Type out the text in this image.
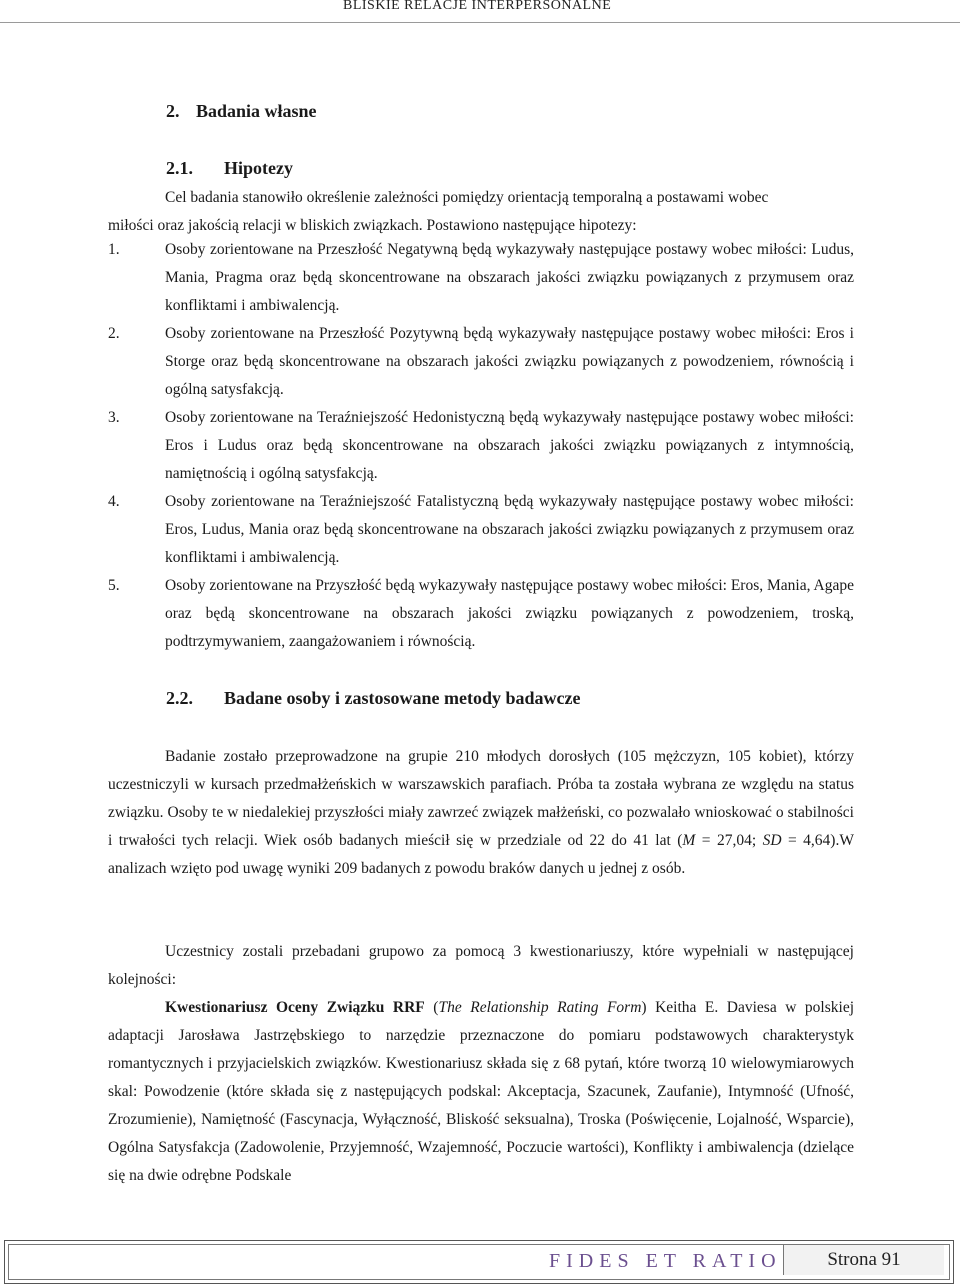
BLISKIE RELACJE INTERPERSONALNE
2. Badania własne
2.1. Hipotezy
Cel badania stanowiło określenie zależności pomiędzy orientacją temporalną a postawami wobec
miłości oraz jakością relacji w bliskich związkach. Postawiono następujące hipotezy:
1.	Osoby zorientowane na Przeszłość Negatywną będą wykazywały następujące postawy wobec miłości: Ludus, Mania, Pragma oraz będą skoncentrowane na obszarach jakości związku powiązanych z przymusem oraz konfliktami i ambiwalencją.
2.	Osoby zorientowane na Przeszłość Pozytywną będą wykazywały następujące postawy wobec miłości: Eros i Storge oraz będą skoncentrowane na obszarach jakości związku powiązanych z powodzeniem, równością i ogólną satysfakcją.
3.	Osoby zorientowane na Teraźniejszość Hedonistyczną będą wykazywały następujące postawy wobec miłości: Eros i Ludus oraz będą skoncentrowane na obszarach jakości związku powiązanych z intymnością, namiętnością i ogólną satysfakcją.
4.	Osoby zorientowane na Teraźniejszość Fatalistyczną będą wykazywały następujące postawy wobec miłości: Eros, Ludus, Mania oraz będą skoncentrowane na obszarach jakości związku powiązanych z przymusem oraz konfliktami i ambiwalencją.
5.	Osoby zorientowane na Przyszłość będą wykazywały następujące postawy wobec miłości: Eros, Mania, Agape oraz będą skoncentrowane na obszarach jakości związku powiązanych z powodzeniem, troską, podtrzymywaniem, zaangażowaniem i równością.
2.2. Badane osoby i zastosowane metody badawcze
Badanie zostało przeprowadzone na grupie 210 młodych dorosłych (105 mężczyzn, 105 kobiet), którzy uczestniczyli w kursach przedmałżeńskich w warszawskich parafiach. Próba ta została wybrana ze względu na status związku. Osoby te w niedalekiej przyszłości miały zawrzeć związek małżeński, co pozwalało wnioskować o stabilności i trwałości tych relacji. Wiek osób badanych mieścił się w przedziale od 22 do 41 lat (M = 27,04; SD = 4,64).W analizach wzięto pod uwagę wyniki 209 badanych z powodu braków danych u jednej z osób.
Uczestnicy zostali przebadani grupowo za pomocą 3 kwestionariuszy, które wypełniali w następującej kolejności:
Kwestionariusz Oceny Związku RRF (The Relationship Rating Form) Keitha E. Daviesa w polskiej adaptacji Jarosława Jastrzębskiego to narzędzie przeznaczone do pomiaru podstawowych charakterystyk romantycznych i przyjacielskich związków. Kwestionariusz składa się z 68 pytań, które tworzą 10 wielowymiarowych skal: Powodzenie (które składa się z następujących podskal: Akceptacja, Szacunek, Zaufanie), Intymność (Ufność, Zrozumienie), Namiętność (Fascynacja, Wyłączność, Bliskość seksualna), Troska (Poświęcenie, Lojalność, Wsparcie), Ogólna Satysfakcja (Zadowolenie, Przyjemność, Wzajemność, Poczucie wartości), Konflikty i ambiwalencja (dzielące się na dwie odrębne Podskale
FIDES ET RATIO	Strona 91
